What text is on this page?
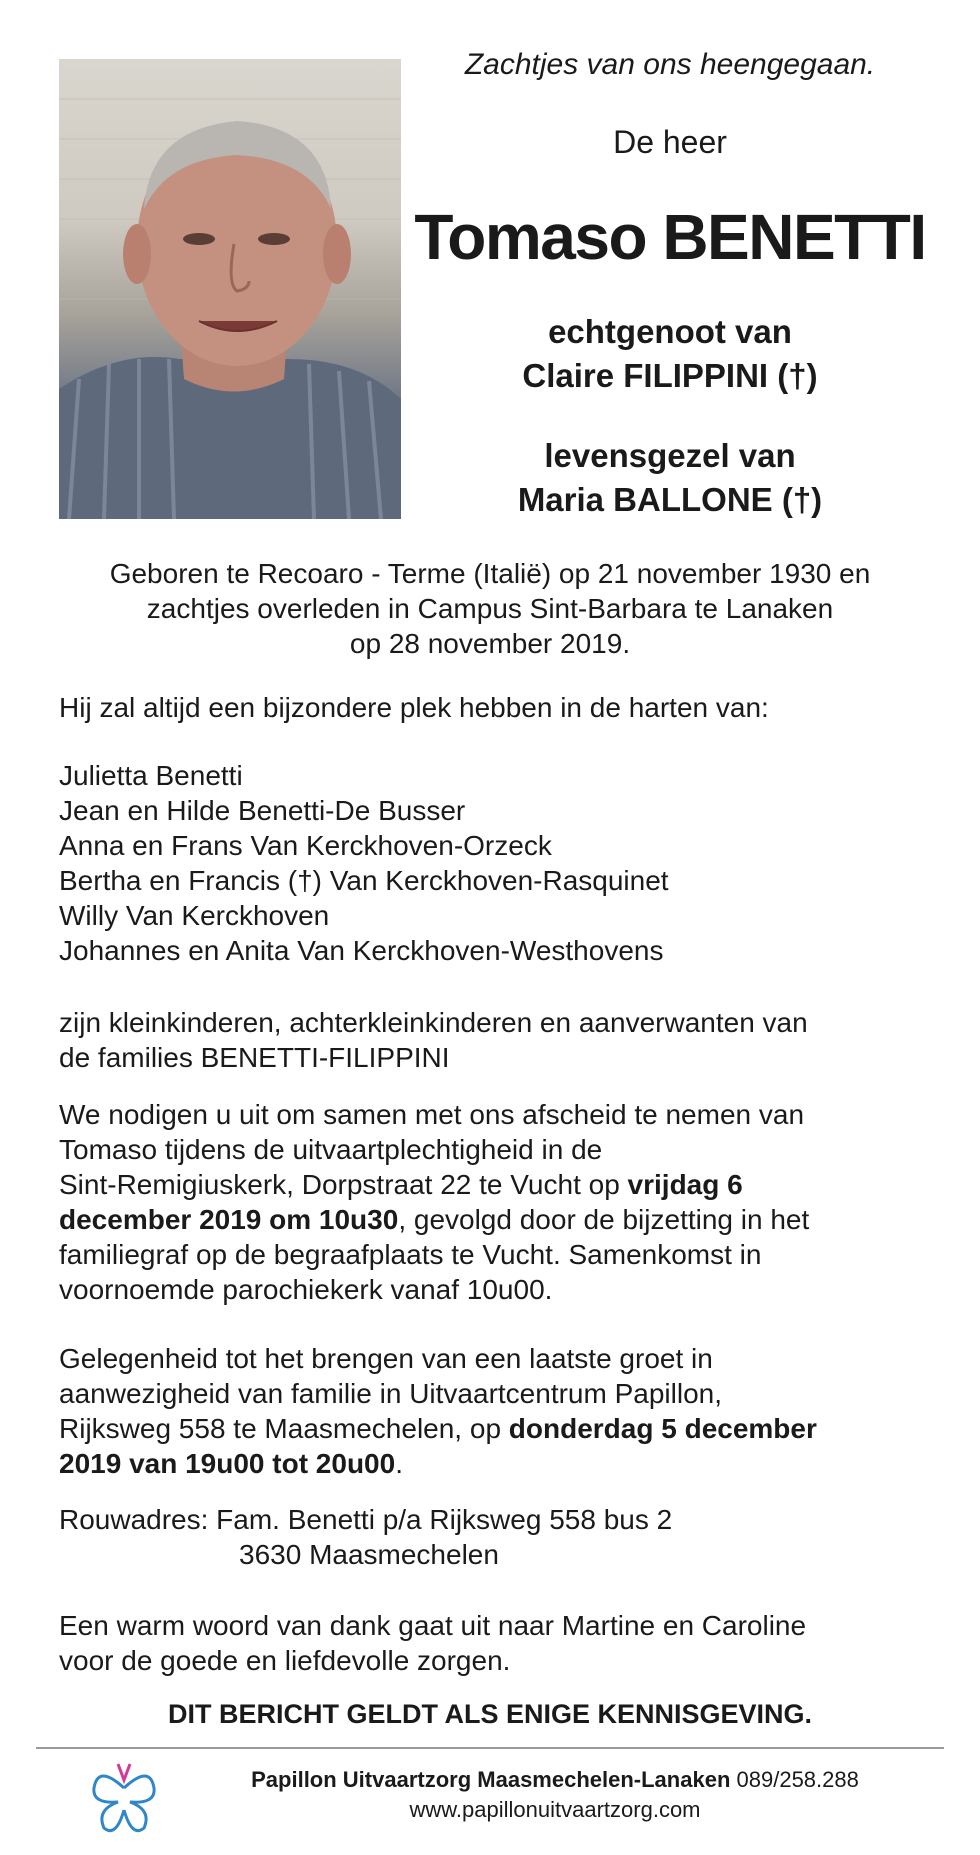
Zachtjes van ons heengegaan.
De heer
Tomaso BENETTI
echtgenoot van
Claire FILIPPINI (†)
levensgezel van
Maria BALLONE (†)
Geboren te Recoaro - Terme (Italië) op 21 november 1930 en
zachtjes overleden in Campus Sint-Barbara te Lanaken
op 28 november 2019.
Hij zal altijd een bijzondere plek hebben in de harten van:
Julietta Benetti
Jean en Hilde Benetti-De Busser
Anna en Frans Van Kerckhoven-Orzeck
Bertha en Francis (†) Van Kerckhoven-Rasquinet
Willy Van Kerckhoven
Johannes en Anita Van Kerckhoven-Westhovens
zijn kleinkinderen, achterkleinkinderen en aanverwanten van
de families BENETTI-FILIPPINI
We nodigen u uit om samen met ons afscheid te nemen van
Tomaso tijdens de uitvaartplechtigheid in de
Sint-Remigiuskerk, Dorpstraat 22 te Vucht op vrijdag 6
december 2019 om 10u30, gevolgd door de bijzetting in het
familiegraf op de begraafplaats te Vucht. Samenkomst in
voornoemde parochiekerk vanaf 10u00.
Gelegenheid tot het brengen van een laatste groet in
aanwezigheid van familie in Uitvaartcentrum Papillon,
Rijksweg 558 te Maasmechelen, op donderdag 5 december
2019 van 19u00 tot 20u00.
Rouwadres: Fam. Benetti p/a Rijksweg 558 bus 2
3630 Maasmechelen
Een warm woord van dank gaat uit naar Martine en Caroline
voor de goede en liefdevolle zorgen.
DIT BERICHT GELDT ALS ENIGE KENNISGEVING.
Papillon Uitvaartzorg Maasmechelen-Lanaken 089/258.288
www.papillonuitvaartzorg.com
